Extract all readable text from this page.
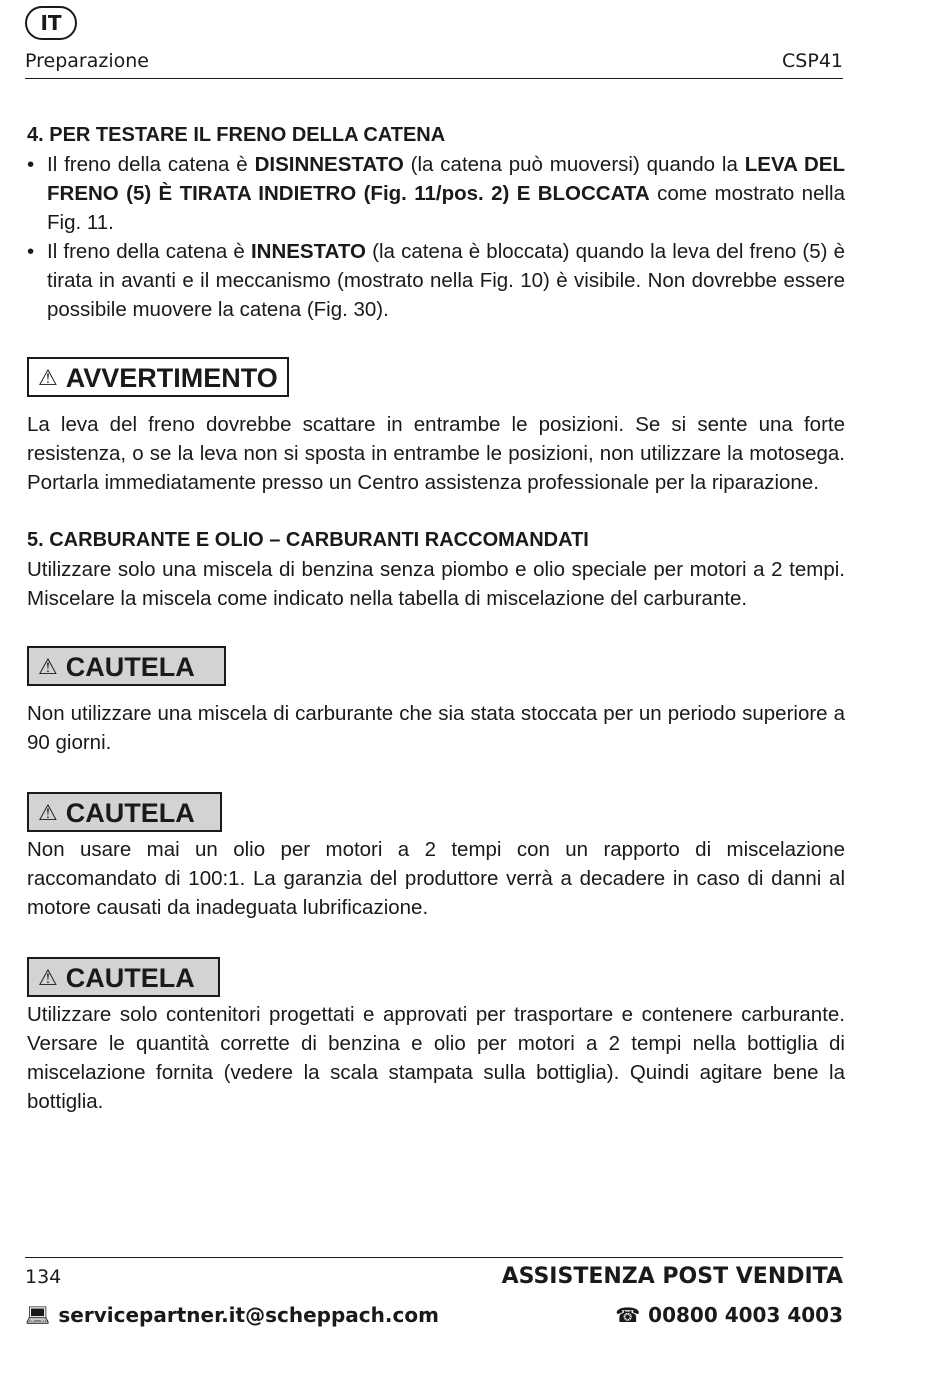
IT
Preparazione	CSP41
4. PER TESTARE IL FRENO DELLA CATENA
• Il freno della catena è DISINNESTATO (la catena può muoversi) quando la LEVA DEL FRENO (5) È TIRATA INDIETRO (Fig. 11/pos. 2) E BLOCCATA come mostrato nella Fig. 11.
• Il freno della catena è INNESTATO (la catena è bloccata) quando la leva del freno (5) è tirata in avanti e il meccanismo (mostrato nella Fig. 10) è visibile. Non dovrebbe essere possibile muovere la catena (Fig. 30).
⚠ AVVERTIMENTO

La leva del freno dovrebbe scattare in entrambe le posizioni. Se si sente una forte resistenza, o se la leva non si sposta in entrambe le posizioni, non utilizzare la motosega. Portarla immediatamente presso un Centro assistenza professionale per la riparazione.

5. CARBURANTE E OLIO – CARBURANTI RACCOMANDATI

Utilizzare solo una miscela di benzina senza piombo e olio speciale per motori a 2 tempi. Miscelare la miscela come indicato nella tabella di miscelazione del carburante.

⚠ CAUTELA

Non utilizzare una miscela di carburante che sia stata stoccata per un periodo superiore a 90 giorni.

⚠ CAUTELA

Non usare mai un olio per motori a 2 tempi con un rapporto di miscelazione raccomandato di 100:1. La garanzia del produttore verrà a decadere in caso di danni al motore causati da inadeguata lubrificazione.

⚠ CAUTELA

Utilizzare solo contenitori progettati e approvati per trasportare e contenere carburante. Versare le quantità corrette di benzina e olio per motori a 2 tempi nella bottiglia di miscelazione fornita (vedere la scala stampata sulla bottiglia). Quindi agitare bene la bottiglia.

134	ASSISTENZA POST VENDITA
💻︎ servicepartner.it@scheppach.com	☎ 00800 4003 4003
